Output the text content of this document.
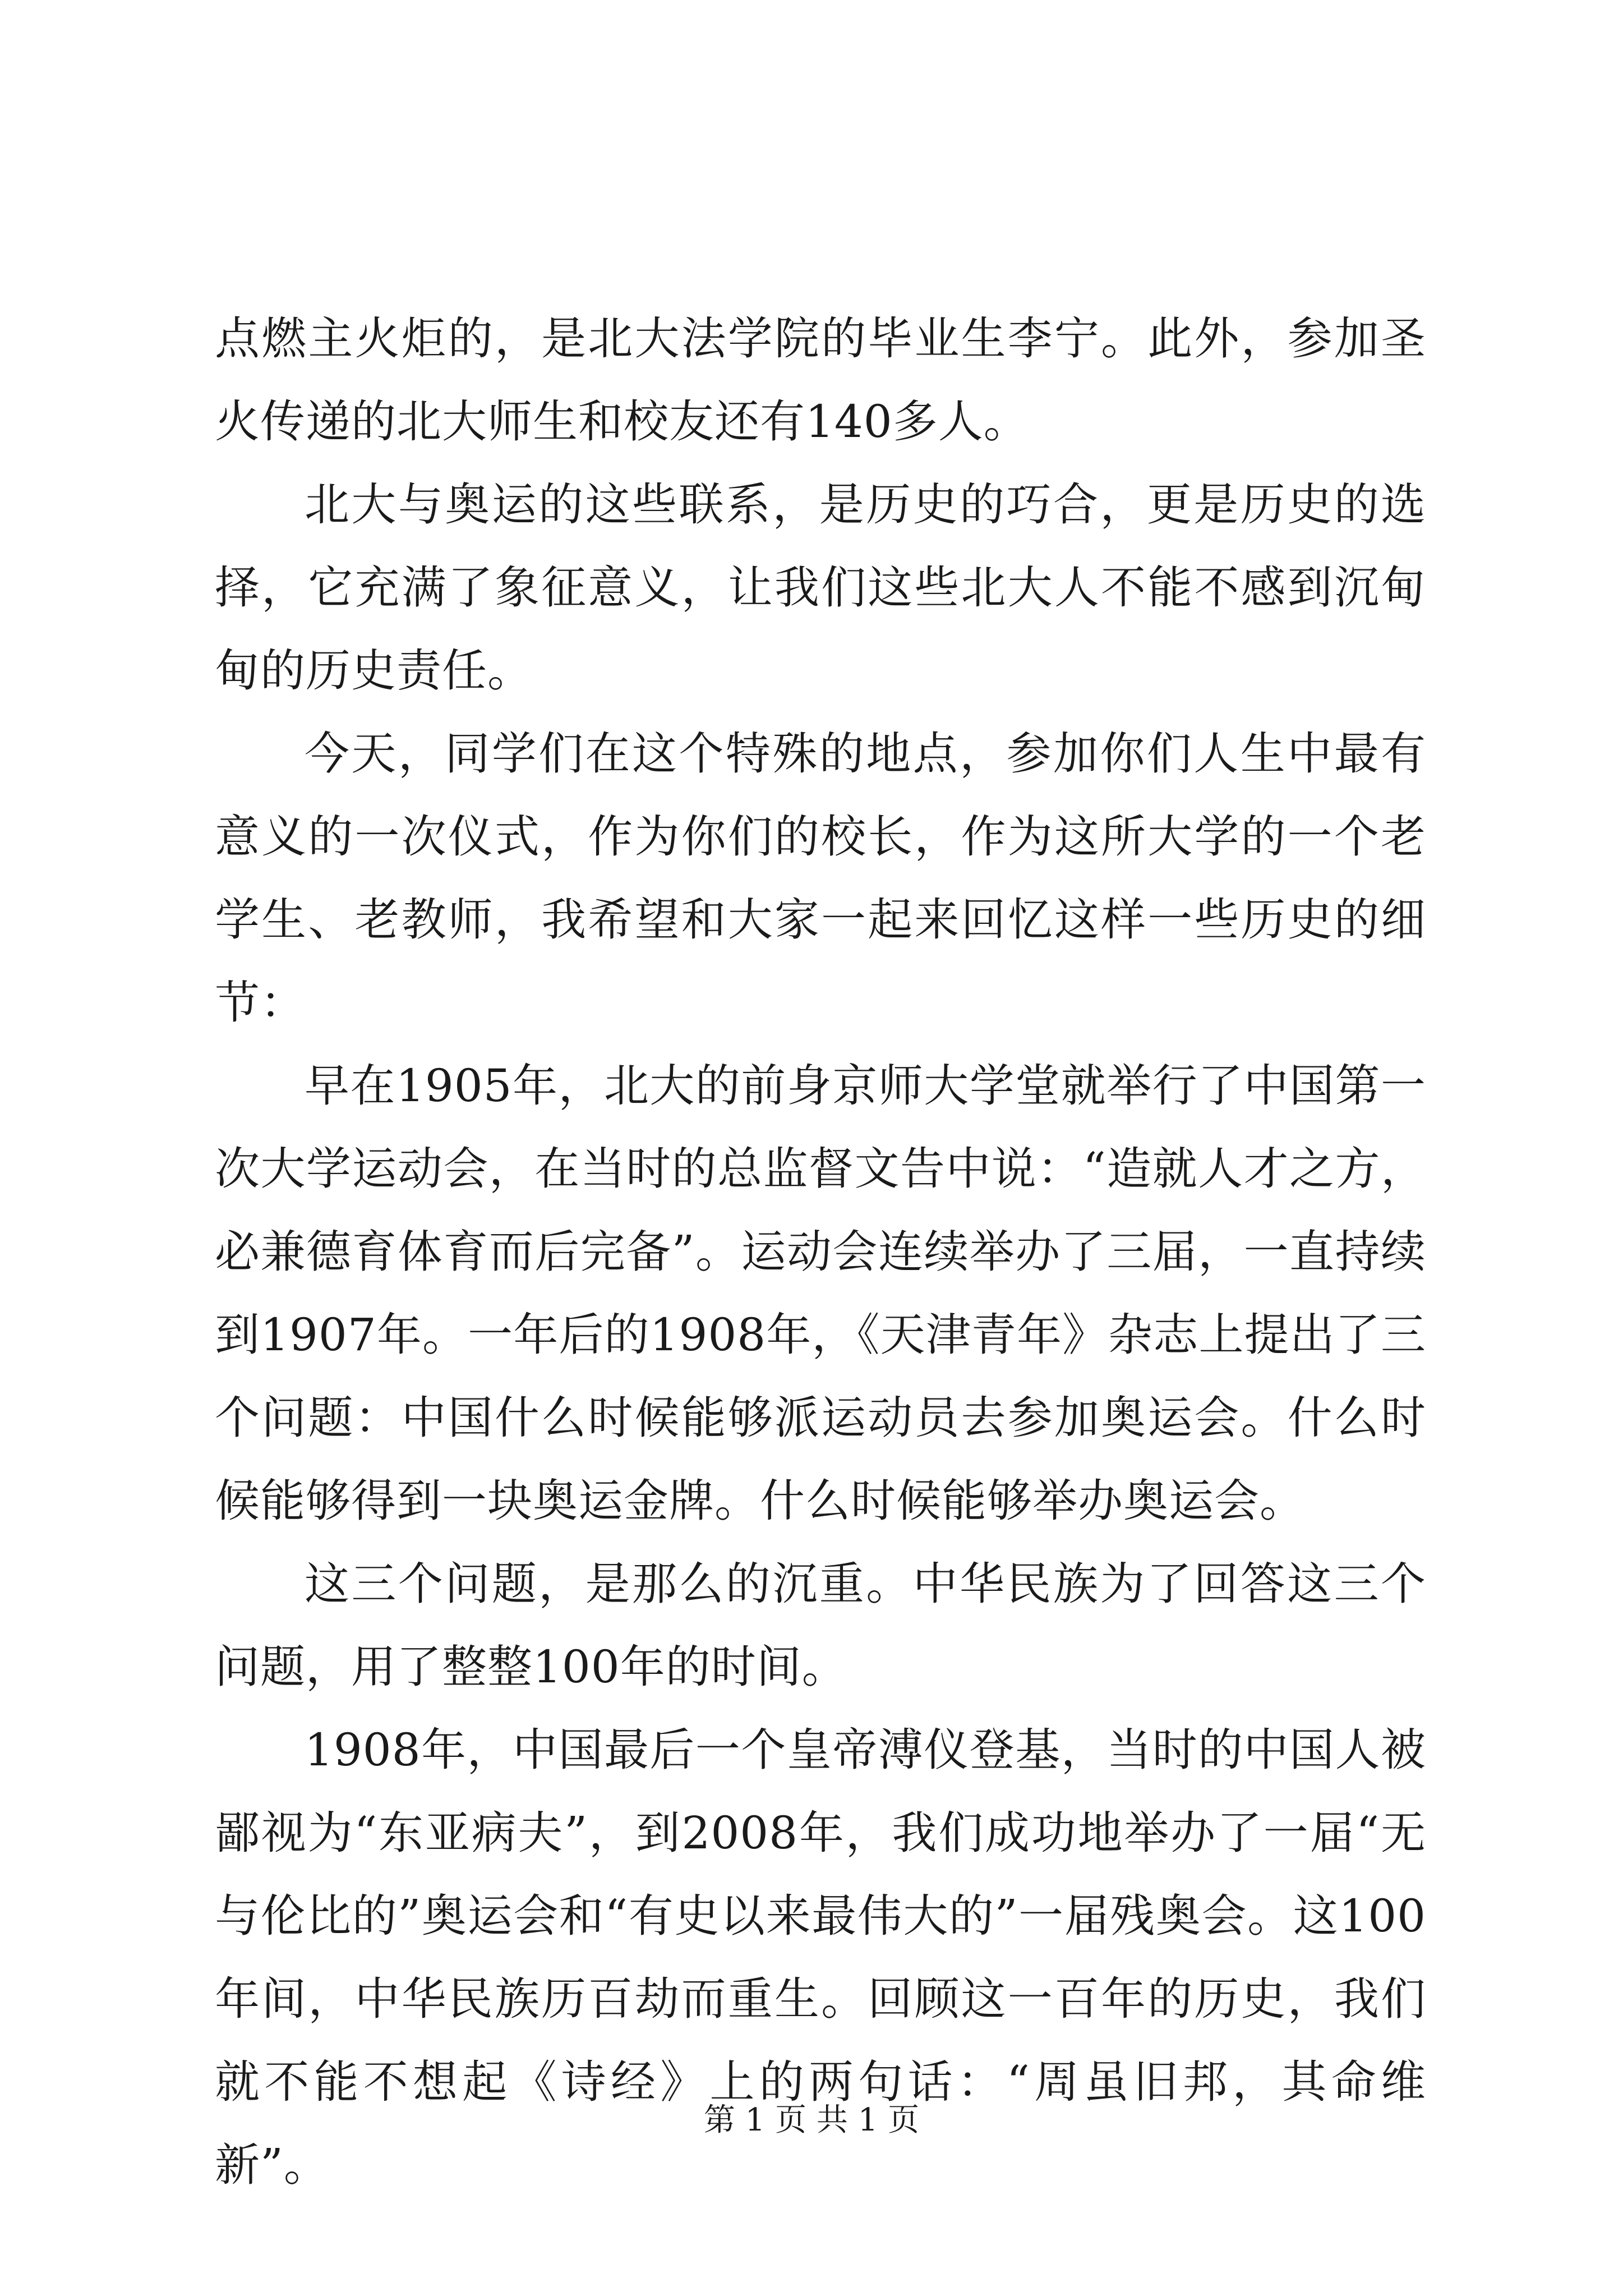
点燃主火炬的，是北大法学院的毕业生李宁。此外，参加圣火传递的北大师生和校友还有140多人。

北大与奥运的这些联系，是历史的巧合，更是历史的选择，它充满了象征意义，让我们这些北大人不能不感到沉甸甸的历史责任。

今天，同学们在这个特殊的地点，参加你们人生中最有意义的一次仪式，作为你们的校长，作为这所大学的一个老学生、老教师，我希望和大家一起来回忆这样一些历史的细节：

早在1905年，北大的前身京师大学堂就举行了中国第一次大学运动会，在当时的总监督文告中说：“造就人才之方，必兼德育体育而后完备”。运动会连续举办了三届，一直持续到1907年。一年后的1908年，《天津青年》杂志上提出了三个问题：中国什么时候能够派运动员去参加奥运会。什么时候能够得到一块奥运金牌。什么时候能够举办奥运会。

这三个问题，是那么的沉重。中华民族为了回答这三个问题，用了整整100年的时间。

1908年，中国最后一个皇帝溥仪登基，当时的中国人被鄙视为“东亚病夫”，到2008年，我们成功地举办了一届“无与伦比的”奥运会和“有史以来最伟大的”一届残奥会。这100年间，中华民族历百劫而重生。回顾这一百年的历史，我们就不能不想起《诗经》上的两句话：“周虽旧邦，其命维新”。

第 1 页 共 1 页
